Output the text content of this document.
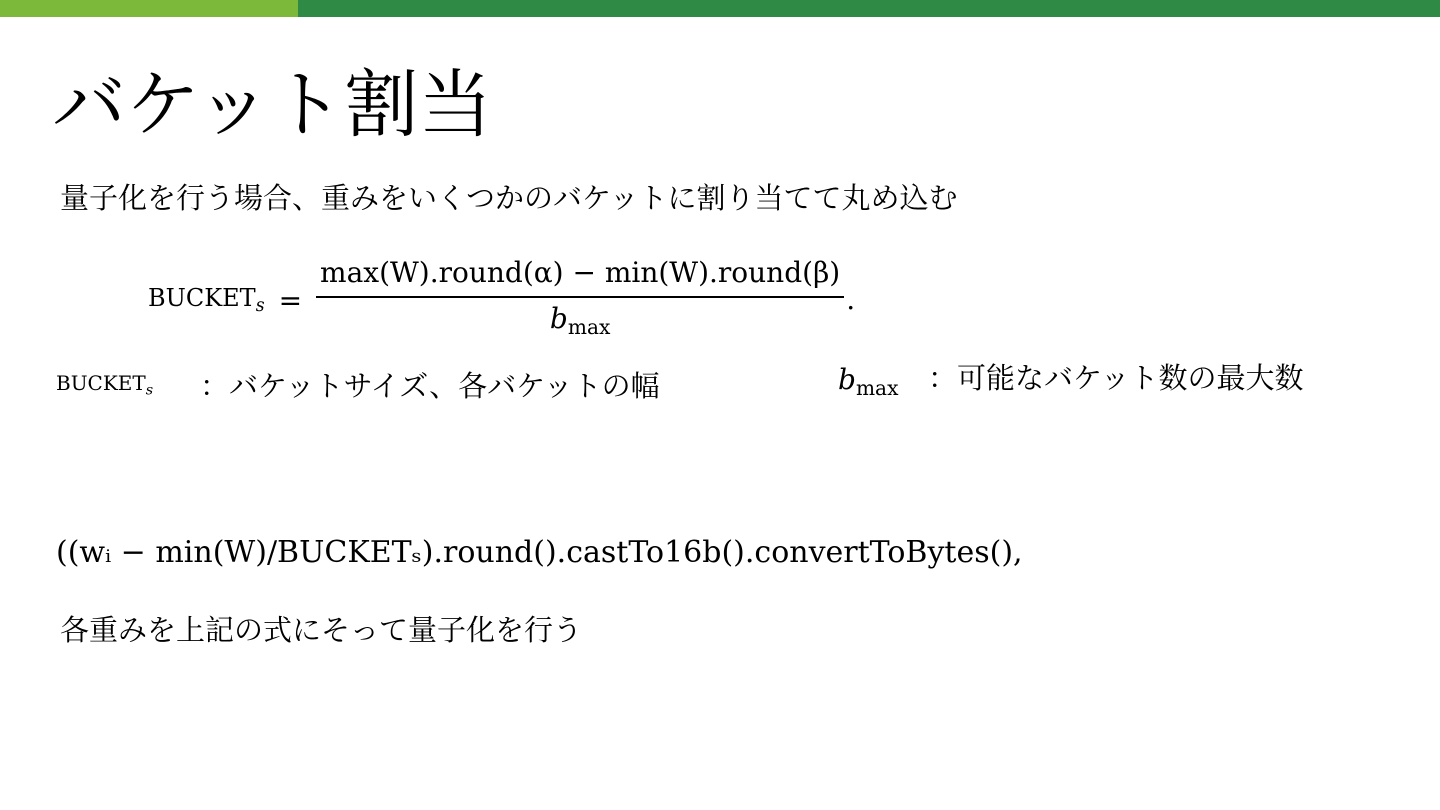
バケット割当
量子化を行う場合、重みをいくつかのバケットに割り当てて丸め込む
$BUCKET_s = \frac{\text{max(W).round(α) − min(W).round(β)}}{b_{max}}$ .
$BUCKET_s$ ：バケットサイズ、各バケットの幅	$b_{max}$ ：可能なバケット数の最大数
((wᵢ − min(W)/BUCKETₛ).round().castTo16b().convertToBytes(),
各重みを上記の式にそって量子化を行う
